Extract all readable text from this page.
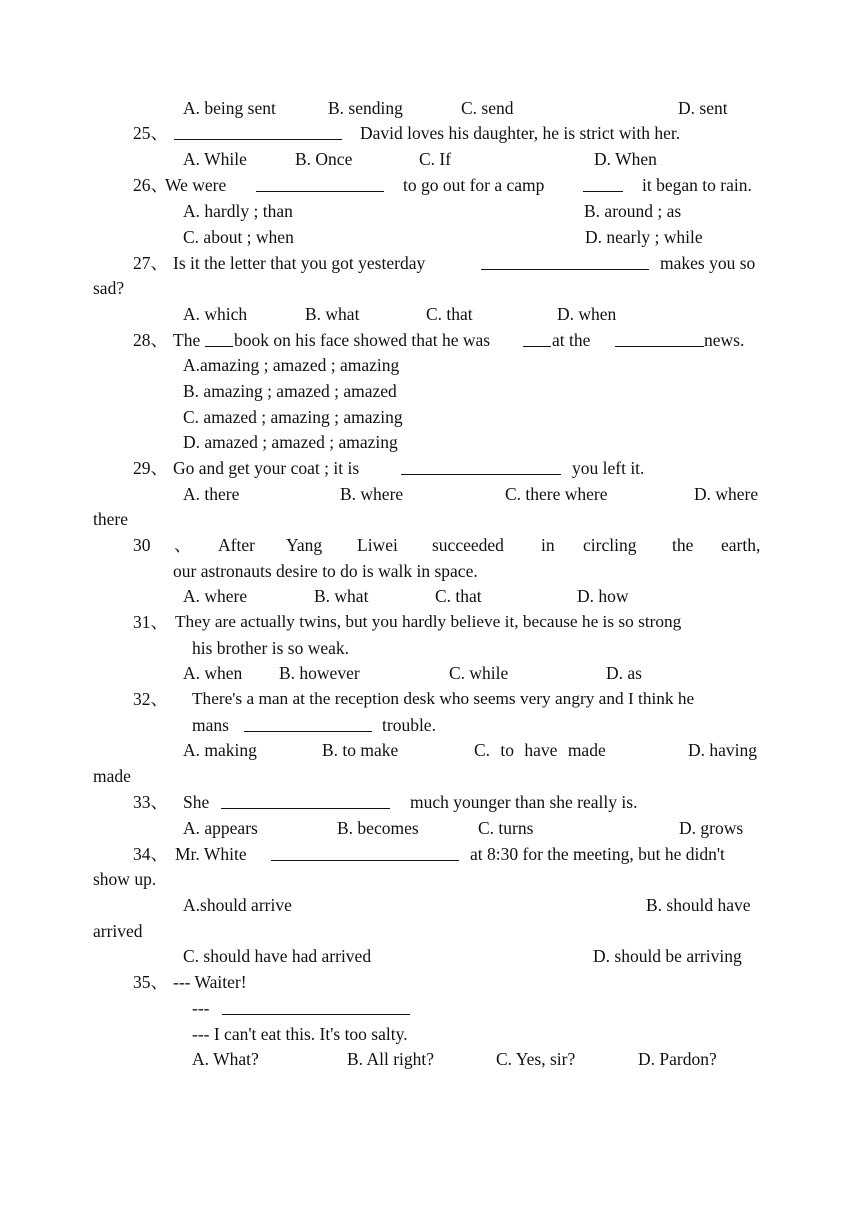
A. being sent	B. sending	C. send	D. sent
25、	David loves his daughter, he is strict with her.
A. While	B. Once	C. If	D. When
26、
We were	to go out for a camp	it began to rain.
A. hardly ; than	B. around ; as
C. about ; when	D. nearly ; while
27、 Is it the letter that you got yesterday	makes you so
sad?
A. which	B. what	C. that	D. when
28、 The book on his face showed that he was	at the	news.
A.amazing ; amazed ; amazing
B. amazing ; amazed ; amazed
C. amazed ; amazing ; amazing
D. amazed ; amazed ; amazing
29、 Go and get your coat ; it is	you left it.
A. there	B. where	C. there where	D. where
there
30 、 After Yang Liwei succeeded in circling the earth,
our astronauts desire to do is walk in space.
A. where	B. what	C. that	D. how
31、 They are actually twins, but you hardly believe it, because he is so strong
his brother is so weak.
A. when B. however	C. while	D. as
32、 There's a man at the reception desk who seems very angry and I think he
mans	trouble.
A. making	B. to make	C. to have made	D. having
made
33、 She	much younger than she really is.
A. appears	B. becomes	C. turns	D. grows
34、 Mr. White	at 8:30 for the meeting, but he didn't
show up.
A.should arrive	B. should have
arrived
C. should have had arrived	D. should be arriving
35、 --- Waiter!
---
--- I can't eat this. It's too salty.
A. What?	B. All right?	C. Yes, sir?	D. Pardon?
